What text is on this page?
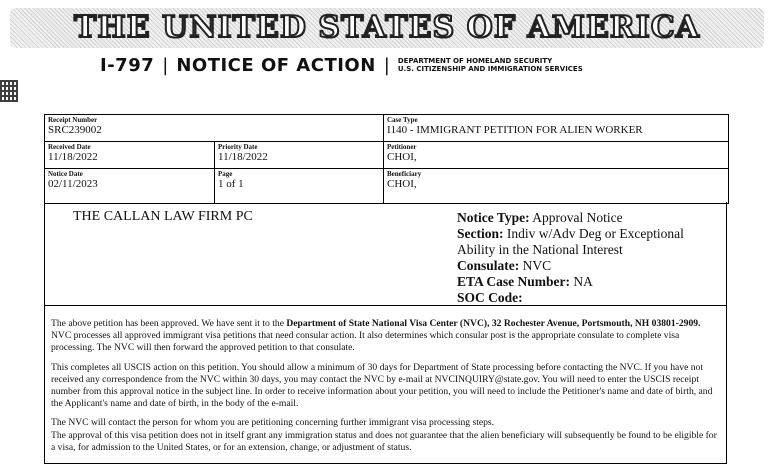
THE UNITED STATES OF AMERICA
I-797 | NOTICE OF ACTION | DEPARTMENT OF HOMELAND SECURITY
U.S. CITIZENSHIP AND IMMIGRATION SERVICES
Receipt Number
SRC239002
Case Type
I140 - IMMIGRANT PETITION FOR ALIEN WORKER
Received Date
11/18/2022
Priority Date
11/18/2022
Petitioner
CHOI,
Notice Date
02/11/2023
Page
1 of 1
Beneficiary
CHOI,
THE CALLAN LAW FIRM PC	Notice Type: Approval Notice
Section: Indiv w/Adv Deg or Exceptional Ability in the National Interest
Consulate: NVC
ETA Case Number: NA
SOC Code:

The above petition has been approved. We have sent it to the Department of State National Visa Center (NVC), 32 Rochester Avenue, Portsmouth, NH 03801-2909. NVC processes all approved immigrant visa petitions that need consular action. It also determines which consular post is the appropriate consulate to complete visa processing. The NVC will then forward the approved petition to that consulate.

This completes all USCIS action on this petition. You should allow a minimum of 30 days for Department of State processing before contacting the NVC. If you have not received any correspondence from the NVC within 30 days, you may contact the NVC by e-mail at NVCINQUIRY@state.gov. You will need to enter the USCIS receipt number from this approval notice in the subject line. In order to receive information about your petition, you will need to include the Petitioner's name and date of birth, and the Applicant's name and date of birth, in the body of the e-mail.

The NVC will contact the person for whom you are petitioning concerning further immigrant visa processing steps.

The approval of this visa petition does not in itself grant any immigration status and does not guarantee that the alien beneficiary will subsequently be found to be eligible for a visa, for admission to the United States, or for an extension, change, or adjustment of status.
